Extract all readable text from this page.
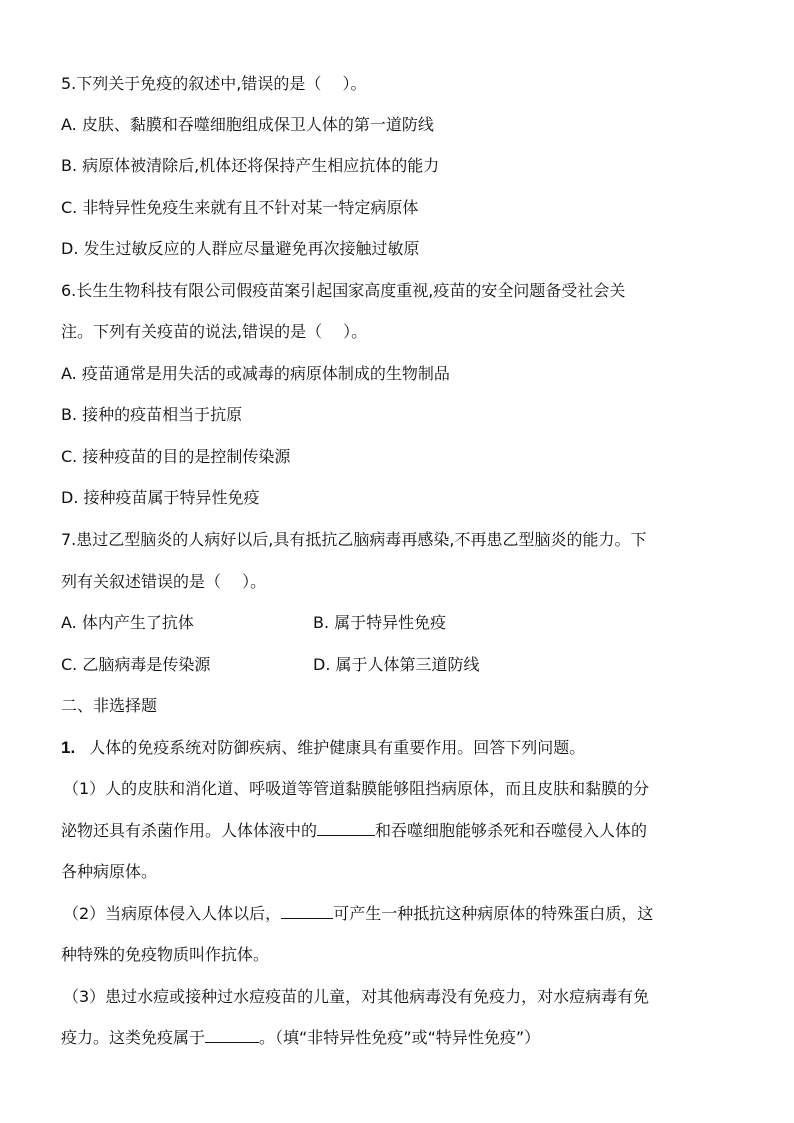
5.下列关于免疫的叙述中,错误的是（　 ）。
A. 皮肤、黏膜和吞噬细胞组成保卫人体的第一道防线
B. 病原体被清除后,机体还将保持产生相应抗体的能力
C. 非特异性免疫生来就有且不针对某一特定病原体
D. 发生过敏反应的人群应尽量避免再次接触过敏原
6.长生生物科技有限公司假疫苗案引起国家高度重视,疫苗的安全问题备受社会关
注。下列有关疫苗的说法,错误的是（　 ）。
A. 疫苗通常是用失活的或减毒的病原体制成的生物制品
B. 接种的疫苗相当于抗原
C. 接种疫苗的目的是控制传染源
D. 接种疫苗属于特异性免疫
7.患过乙型脑炎的人病好以后,具有抵抗乙脑病毒再感染,不再患乙型脑炎的能力。下
列有关叙述错误的是（　 ）。
A. 体内产生了抗体	B. 属于特异性免疫
C. 乙脑病毒是传染源	D. 属于人体第三道防线
二、非选择题
1. 人体的免疫系统对防御疾病、维护健康具有重要作用。回答下列问题。
（1）人的皮肤和消化道、呼吸道等管道黏膜能够阻挡病原体，而且皮肤和黏膜的分
泌物还具有杀菌作用。人体体液中的	和吞噬细胞能够杀死和吞噬侵入人体的
各种病原体。
（2）当病原体侵入人体以后，	可产生一种抵抗这种病原体的特殊蛋白质，这
种特殊的免疫物质叫作抗体。
（3）患过水痘或接种过水痘疫苗的儿童，对其他病毒没有免疫力，对水痘病毒有免
疫力。这类免疫属于	。（填“非特异性免疫”或“特异性免疫”）
